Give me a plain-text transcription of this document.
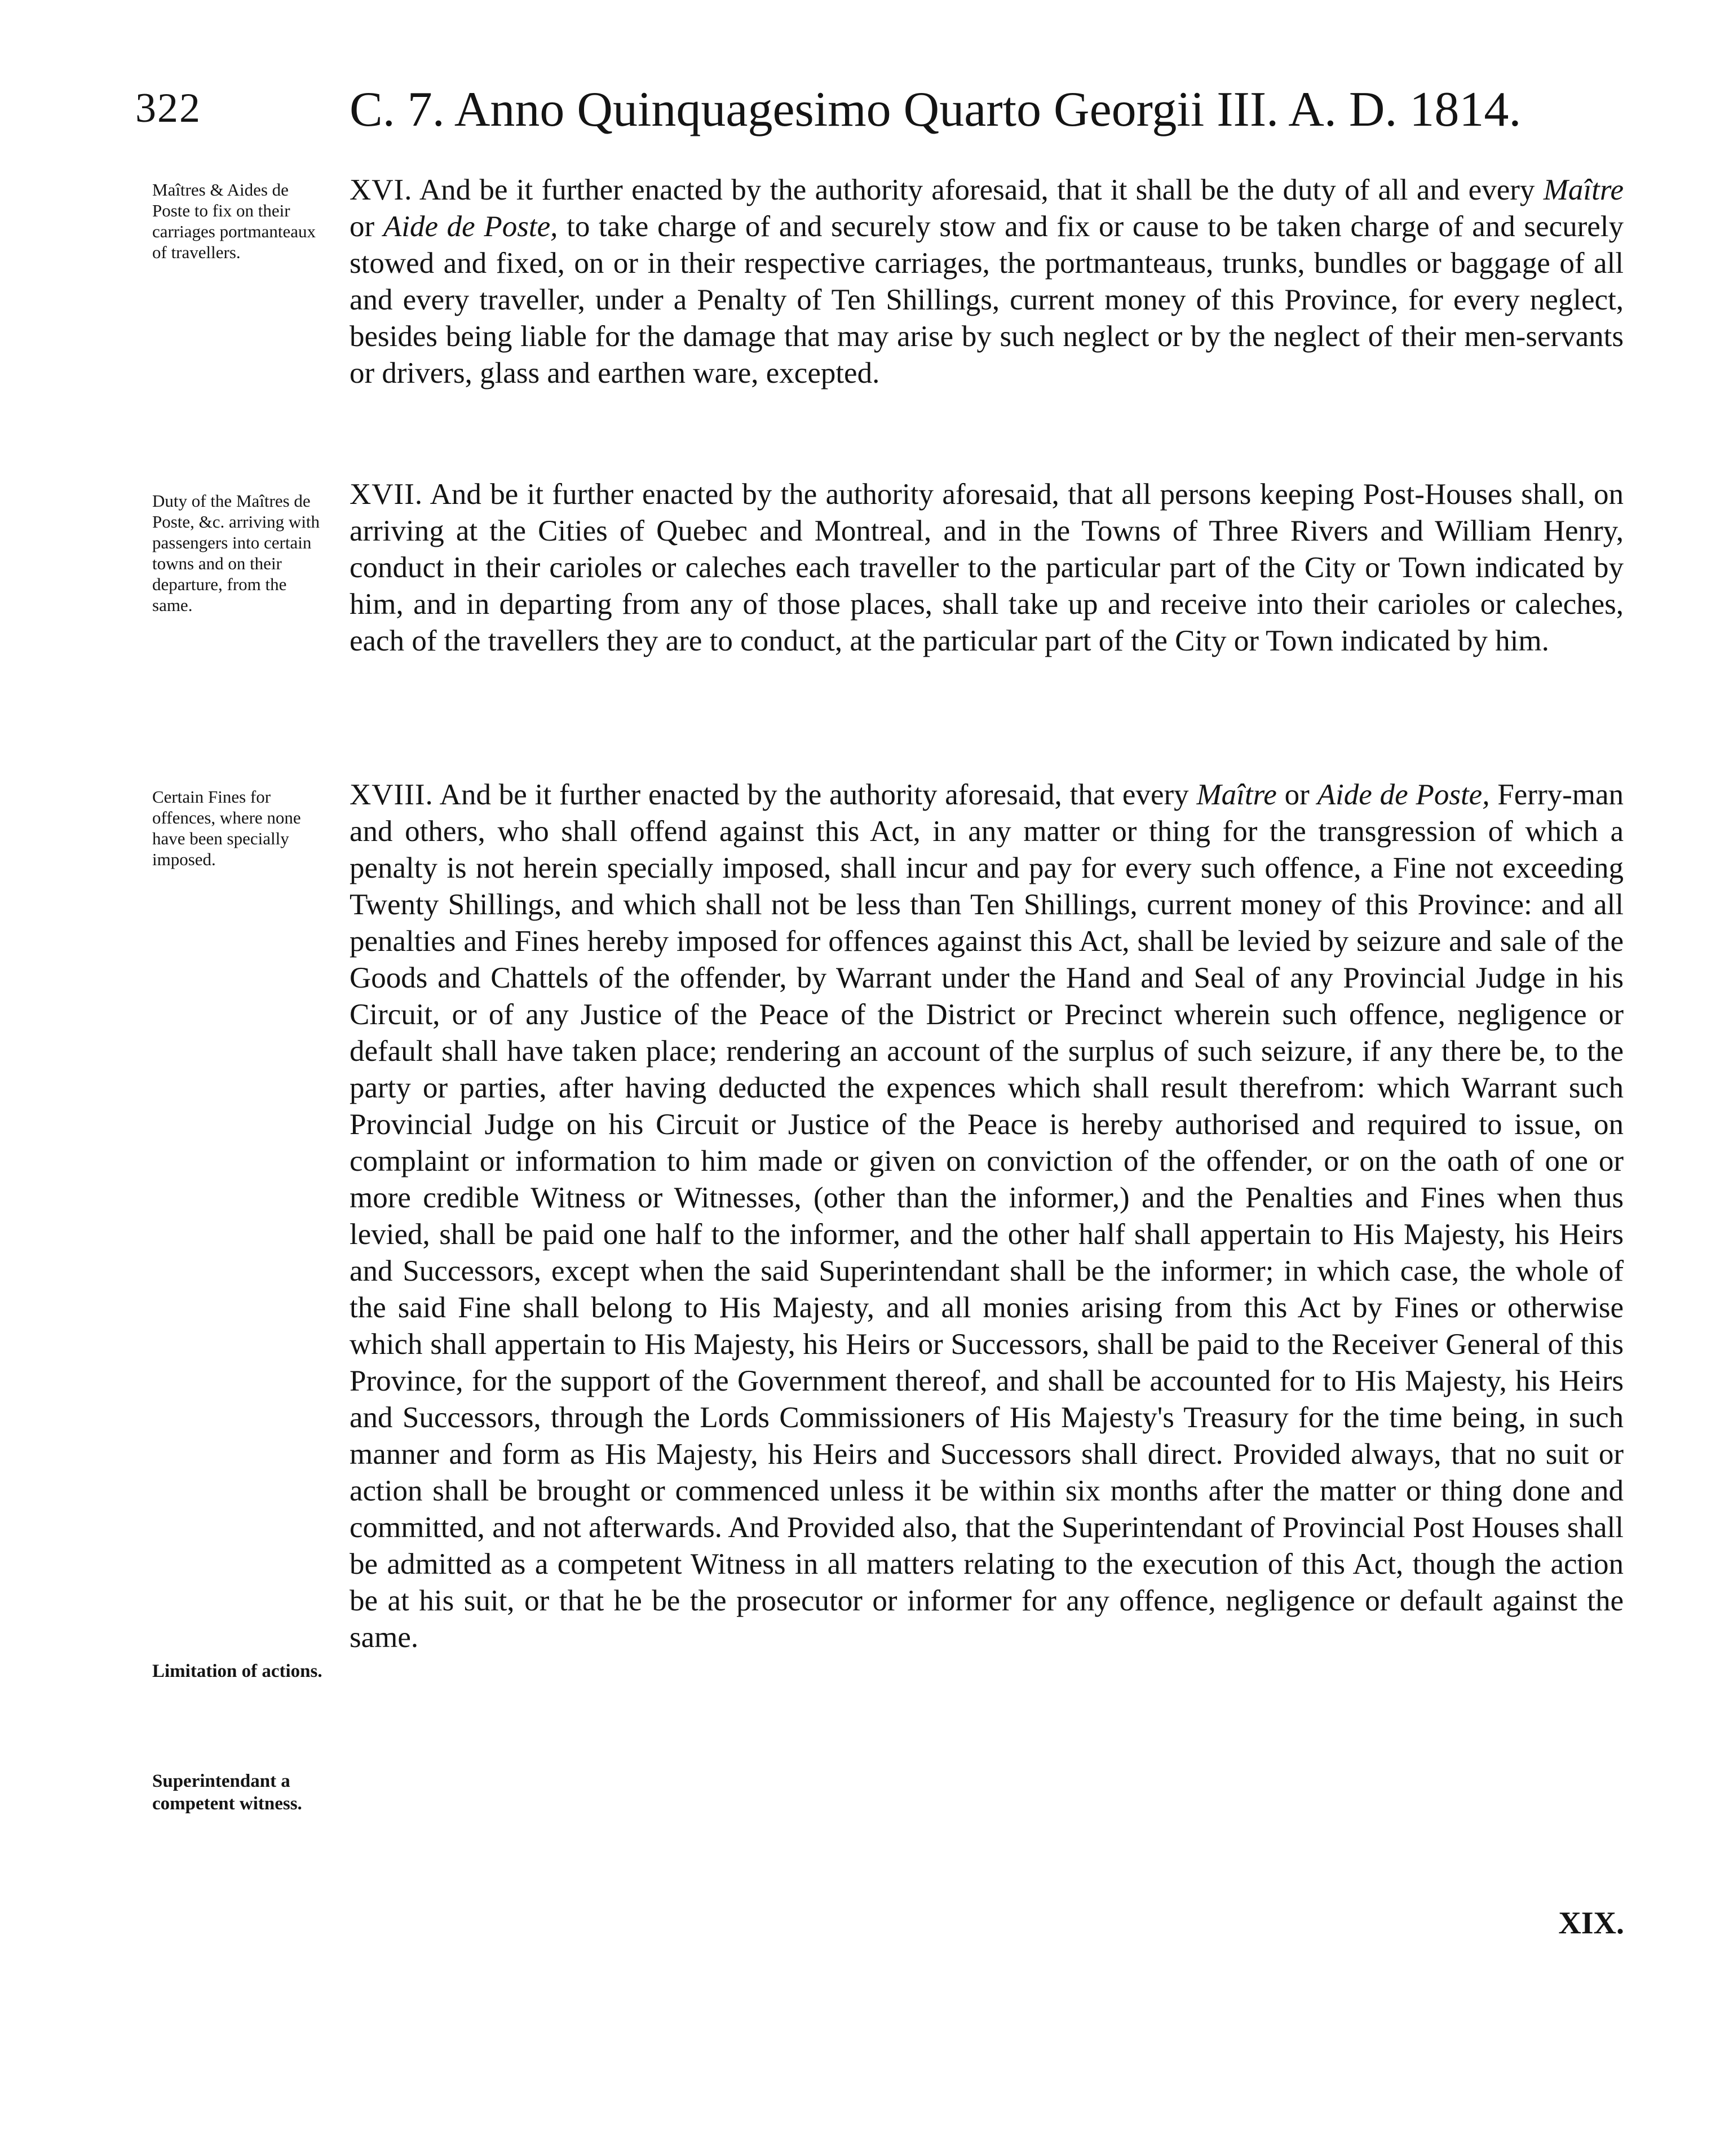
322	C. 7. Anno Quinquagesimo Quarto Georgii III. A. D. 1814.
Maîtres & Aides de Poste to fix on their carriages portmanteaux of travellers.
XVI. And be it further enacted by the authority aforesaid, that it shall be the duty of all and every Maître or Aide de Poste, to take charge of and securely stow and fix or cause to be taken charge of and securely stowed and fixed, on or in their respective carriages, the portmanteaus, trunks, bundles or baggage of all and every traveller, under a Penalty of Ten Shillings, current money of this Province, for every neglect, besides being liable for the damage that may arise by such neglect or by the neglect of their men-servants or drivers, glass and earthen ware, excepted.
Duty of the Maîtres de Poste, &c. arriving with passengers into certain towns and on their departure, from the same.
XVII. And be it further enacted by the authority aforesaid, that all persons keeping Post-Houses shall, on arriving at the Cities of Quebec and Montreal, and in the Towns of Three Rivers and William Henry, conduct in their carioles or caleches each traveller to the particular part of the City or Town indicated by him, and in departing from any of those places, shall take up and receive into their carioles or caleches, each of the travellers they are to conduct, at the particular part of the City or Town indicated by him.
Certain Fines for offences, where none have been specially imposed.
XVIII. And be it further enacted by the authority aforesaid, that every Maître or Aide de Poste, Ferry-man and others, who shall offend against this Act, in any matter or thing for the transgression of which a penalty is not herein specially imposed, shall incur and pay for every such offence, a Fine not exceeding Twenty Shillings, and which shall not be less than Ten Shillings, current money of this Province: and all penalties and Fines hereby imposed for offences against this Act, shall be levied by seizure and sale of the Goods and Chattels of the offender, by Warrant under the Hand and Seal of any Provincial Judge in his Circuit, or of any Justice of the Peace of the District or Precinct wherein such offence, negligence or default shall have taken place; rendering an account of the surplus of such seizure, if any there be, to the party or parties, after having deducted the expences which shall result therefrom: which Warrant such Provincial Judge on his Circuit or Justice of the Peace is hereby authorised and required to issue, on complaint or information to him made or given on conviction of the offender, or on the oath of one or more credible Witness or Witnesses, (other than the informer,) and the Penalties and Fines when thus levied, shall be paid one half to the informer, and the other half shall appertain to His Majesty, his Heirs and Successors, except when the said Superintendant shall be the informer; in which case, the whole of the said Fine shall belong to His Majesty, and all monies arising from this Act by Fines or otherwise which shall appertain to His Majesty, his Heirs or Successors, shall be paid to the Receiver General of this Province, for the support of the Government thereof, and shall be accounted for to His Majesty, his Heirs and Successors, through the Lords Commissioners of His Majesty's Treasury for the time being, in such manner and form as His Majesty, his Heirs and Successors shall direct. Provided always, that no suit or action shall be brought or commenced unless it be within six months after the matter or thing done and committed, and not afterwards. And Provided also, that the Superintendant of Provincial Post Houses shall be admitted as a competent Witness in all matters relating to the execution of this Act, though the action be at his suit, or that he be the prosecutor or informer for any offence, negligence or default against the same.
Limitation of actions.
Superintendant a competent witness.
XIX.
